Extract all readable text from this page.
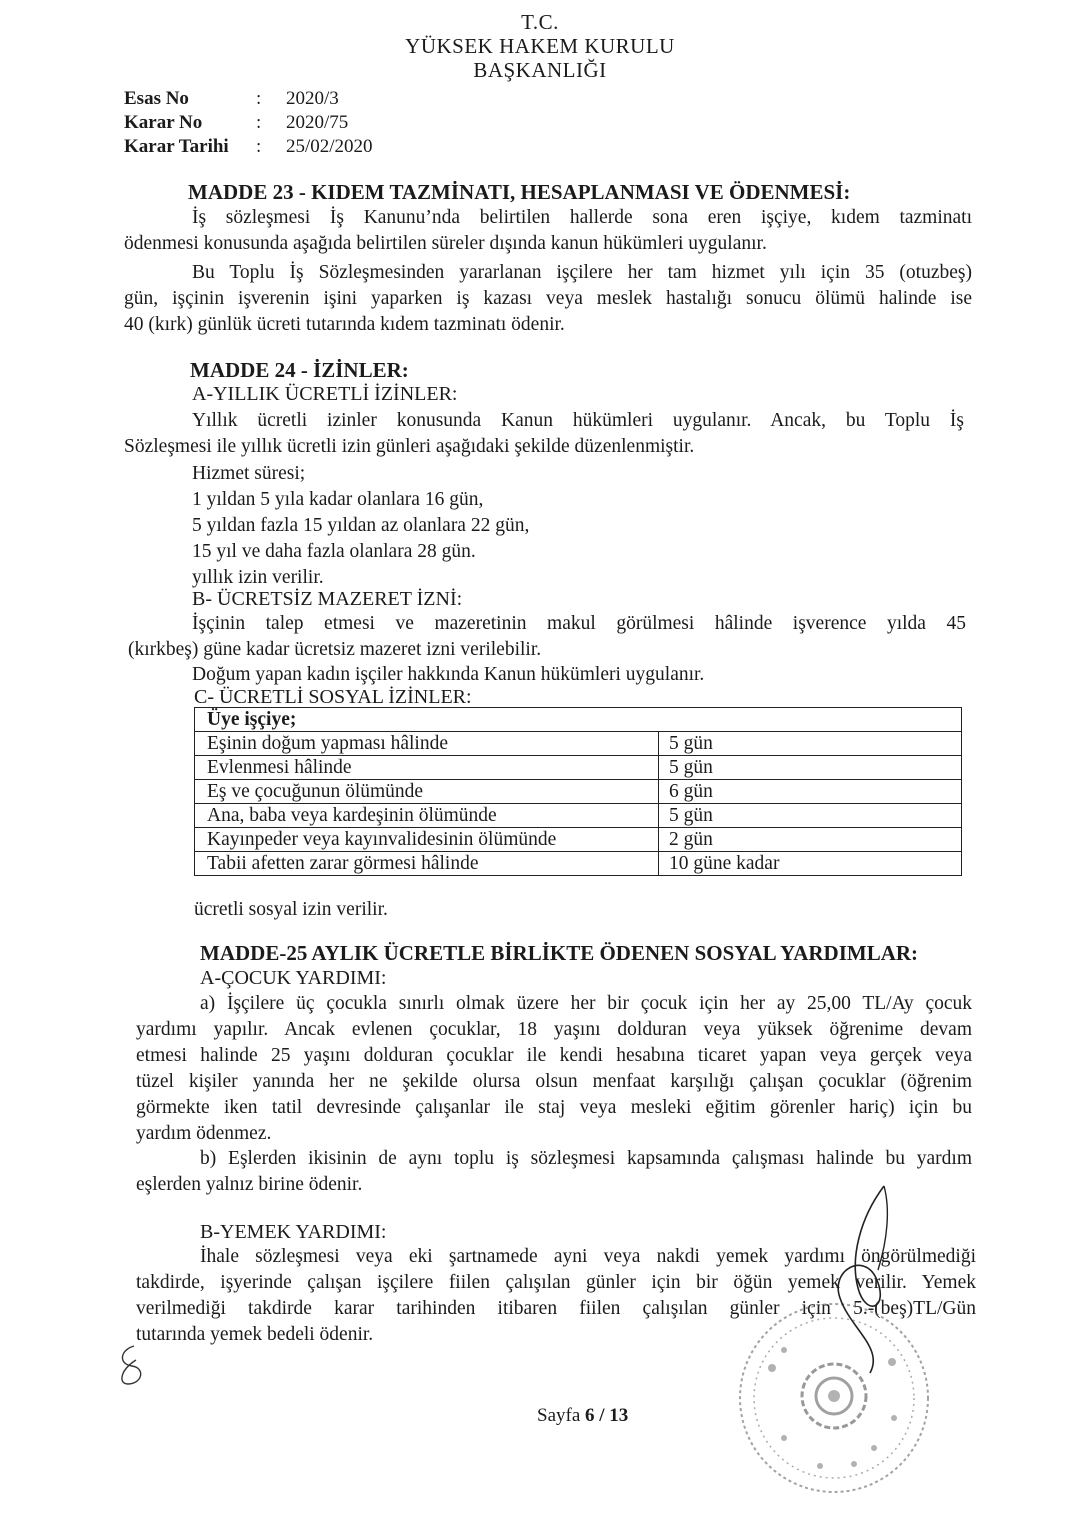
T.C.
YÜKSEK HAKEM KURULU
BAŞKANLIĞI
Esas No	: 2020/3
Karar No	: 2020/75
Karar Tarihi : 25/02/2020
MADDE 23 - KIDEM TAZMİNATI, HESAPLANMASI VE ÖDENMESİ:
İş sözleşmesi İş Kanunu’nda belirtilen hallerde sona eren işçiye, kıdem tazminatı
ödenmesi konusunda aşağıda belirtilen süreler dışında kanun hükümleri uygulanır.
Bu Toplu İş Sözleşmesinden yararlanan işçilere her tam hizmet yılı için 35 (otuzbeş)
gün, işçinin işverenin işini yaparken iş kazası veya meslek hastalığı sonucu ölümü halinde ise
40 (kırk) günlük ücreti tutarında kıdem tazminatı ödenir.
MADDE 24 - İZİNLER:
A-YILLIK ÜCRETLİ İZİNLER:
Yıllık ücretli izinler konusunda Kanun hükümleri uygulanır. Ancak, bu Toplu İş
Sözleşmesi ile yıllık ücretli izin günleri aşağıdaki şekilde düzenlenmiştir.
Hizmet süresi;
1 yıldan 5 yıla kadar olanlara 16 gün,
5 yıldan fazla 15 yıldan az olanlara 22 gün,
15 yıl ve daha fazla olanlara 28 gün.
yıllık izin verilir.
B- ÜCRETSİZ MAZERET İZNİ:
İşçinin talep etmesi ve mazeretinin makul görülmesi hâlinde işverence yılda 45
(kırkbeş) güne kadar ücretsiz mazeret izni verilebilir.
Doğum yapan kadın işçiler hakkında Kanun hükümleri uygulanır.
C- ÜCRETLİ SOSYAL İZİNLER:
Üye işçiye;	
Eşinin doğum yapması hâlinde	5 gün
Evlenmesi hâlinde	5 gün
Eş ve çocuğunun ölümünde	6 gün
Ana, baba veya kardeşinin ölümünde	5 gün
Kayınpeder veya kayınvalidesinin ölümünde	2 gün
Tabii afetten zarar görmesi hâlinde	10 güne kadar
ücretli sosyal izin verilir.
MADDE-25 AYLIK ÜCRETLE BİRLİKTE ÖDENEN SOSYAL YARDIMLAR:
A-ÇOCUK YARDIMI:
a) İşçilere üç çocukla sınırlı olmak üzere her bir çocuk için her ay 25,00 TL/Ay çocuk
yardımı yapılır. Ancak evlenen çocuklar, 18 yaşını dolduran veya yüksek öğrenime devam
etmesi halinde 25 yaşını dolduran çocuklar ile kendi hesabına ticaret yapan veya gerçek veya
tüzel kişiler yanında her ne şekilde olursa olsun menfaat karşılığı çalışan çocuklar (öğrenim
görmekte iken tatil devresinde çalışanlar ile staj veya mesleki eğitim görenler hariç) için bu
yardım ödenmez.
b) Eşlerden ikisinin de aynı toplu iş sözleşmesi kapsamında çalışması halinde bu yardım
eşlerden yalnız birine ödenir.
B-YEMEK YARDIMI:
İhale sözleşmesi veya eki şartnamede ayni veya nakdi yemek yardımı öngörülmediği
takdirde, işyerinde çalışan işçilere fiilen çalışılan günler için bir öğün yemek verilir. Yemek
verilmediği takdirde karar tarihinden itibaren fiilen çalışılan günler için 5.-(beş)TL/Gün
tutarında yemek bedeli ödenir.
Sayfa 6 / 13
